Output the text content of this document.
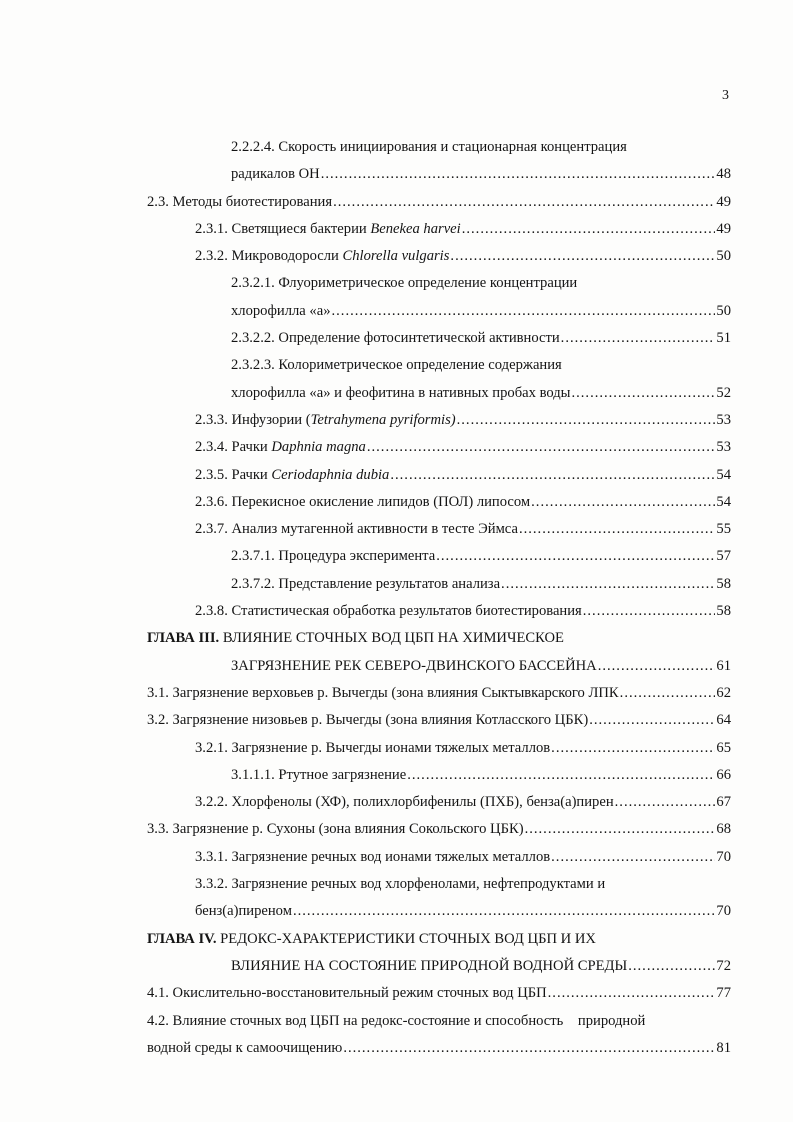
3
2.2.2.4. Скорость инициирования и стационарная концентрация
радикалов ОН .....	48
2.3. Методы биотестирования .....	49
2.3.1. Светящиеся бактерии Benekea harvei .....	49
2.3.2. Микроводоросли Chlorella vulgaris .....	50
2.3.2.1. Флуориметрическое определение концентрации
хлорофилла «а» .....	50
2.3.2.2. Определение фотосинтетической активности .....	51
2.3.2.3. Колориметрическое определение содержания
хлорофилла «а» и феофитина в нативных пробах воды .....	52
2.3.3. Инфузории (Tetrahymena pyriformis) .....	53
2.3.4. Рачки Daphnia magna .....	53
2.3.5. Рачки Ceriodaphnia dubia .....	54
2.3.6. Перекисное окисление липидов (ПОЛ) липосом .....	54
2.3.7. Анализ мутагенной активности в тесте Эймса .....	55
2.3.7.1. Процедура эксперимента .....	57
2.3.7.2. Представление результатов анализа .....	58
2.3.8. Статистическая обработка результатов биотестирования .....	58
ГЛАВА III. ВЛИЯНИЕ СТОЧНЫХ ВОД ЦБП НА ХИМИЧЕСКОЕ
ЗАГРЯЗНЕНИЕ РЕК СЕВЕРО-ДВИНСКОГО БАССЕЙНА .....	61
3.1. Загрязнение верховьев р. Вычегды (зона влияния Сыктывкарского ЛПК .....	62
3.2. Загрязнение низовьев р. Вычегды (зона влияния Котласского ЦБК) .....	64
3.2.1. Загрязнение р. Вычегды ионами тяжелых металлов .....	65
3.1.1.1. Ртутное загрязнение .....	66
3.2.2. Хлорфенолы (ХФ), полихлорбифенилы (ПХБ), бенза(а)пирен .....	67
3.3. Загрязнение р. Сухоны (зона влияния Сокольского ЦБК) .....	68
3.3.1. Загрязнение речных вод ионами тяжелых металлов .....	70
3.3.2. Загрязнение речных вод хлорфенолами, нефтепродуктами и
бенз(а)пиреном .....	70
ГЛАВА IV. РЕДОКС-ХАРАКТЕРИСТИКИ СТОЧНЫХ ВОД ЦБП И ИХ
ВЛИЯНИЕ НА СОСТОЯНИЕ ПРИРОДНОЙ ВОДНОЙ СРЕДЫ .....	72
4.1. Окислительно-восстановительный режим сточных вод ЦБП .....	77
4.2. Влияние сточных вод ЦБП на редокс-состояние и способность    природной
водной среды к самоочищению .....	81
